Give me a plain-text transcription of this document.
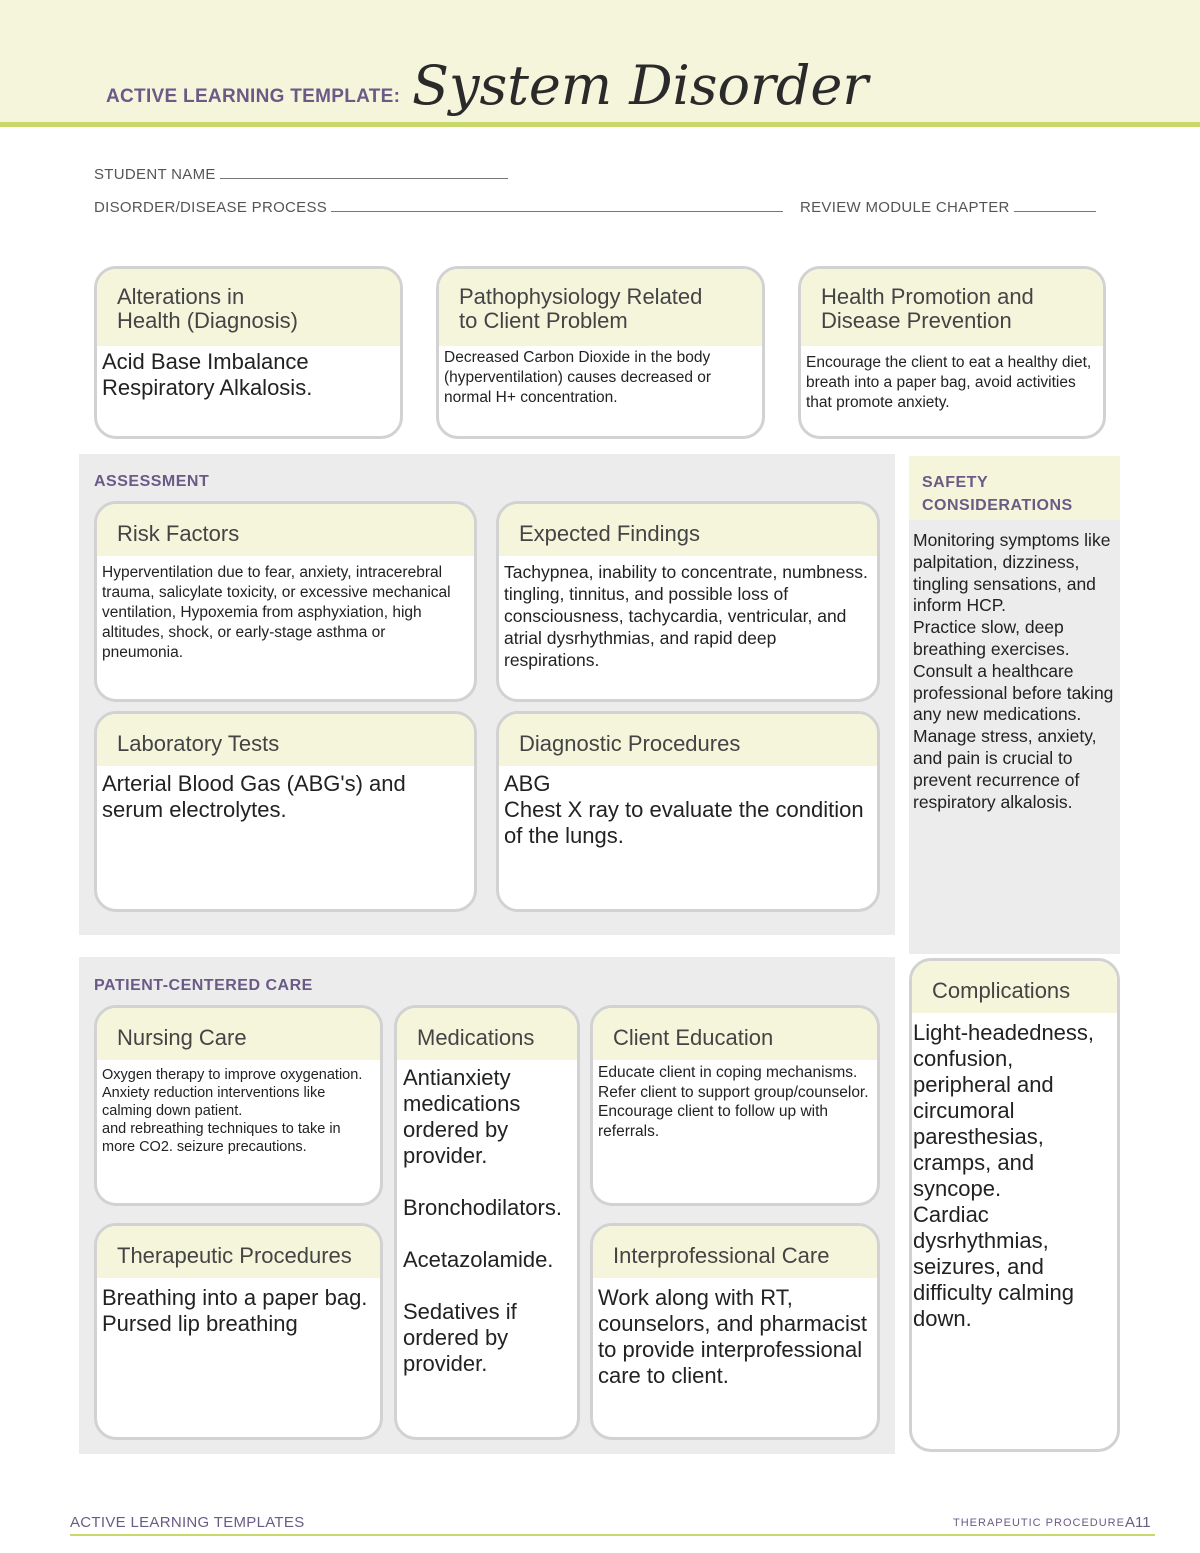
ACTIVE LEARNING TEMPLATE: System Disorder
STUDENT NAME
DISORDER/DISEASE PROCESS	REVIEW MODULE CHAPTER
Alterations in
Health (Diagnosis)
Acid Base Imbalance
Respiratory Alkalosis.
Pathophysiology Related
to Client Problem
Decreased Carbon Dioxide in the body (hyperventilation) causes decreased or normal H+ concentration.
Health Promotion and
Disease Prevention
Encourage the client to eat a healthy diet, breath into a paper bag, avoid activities that promote anxiety.
ASSESSMENT
Risk Factors
Hyperventilation due to fear, anxiety, intracerebral trauma, salicylate toxicity, or excessive mechanical ventilation, Hypoxemia from asphyxiation, high altitudes, shock, or early-stage asthma or pneumonia.
Expected Findings
Tachypnea, inability to concentrate, numbness. tingling, tinnitus, and possible loss of consciousness, tachycardia, ventricular, and atrial dysrhythmias, and rapid deep respirations.
Laboratory Tests
Arterial Blood Gas (ABG's) and serum electrolytes.
Diagnostic Procedures
ABG
Chest X ray to evaluate the condition of the lungs.
SAFETY
CONSIDERATIONS
Monitoring symptoms like palpitation, dizziness, tingling sensations, and inform HCP.
Practice slow, deep breathing exercises.
Consult a healthcare professional before taking any new medications.
Manage stress, anxiety, and pain is crucial to prevent recurrence of respiratory alkalosis.
PATIENT-CENTERED CARE
Nursing Care
Oxygen therapy to improve oxygenation.
Anxiety reduction interventions like calming down patient.
and rebreathing techniques to take in more CO2. seizure precautions.
Medications
Antianxiety medications ordered by provider.

Bronchodilators.

Acetazolamide.

Sedatives if ordered by provider.
Client Education
Educate client in coping mechanisms.
Refer client to support group/counselor.
Encourage client to follow up with referrals.
Therapeutic Procedures
Breathing into a paper bag.
Pursed lip breathing
Interprofessional Care
Work along with RT, counselors, and pharmacist to provide interprofessional care to client.
Complications
Light-headedness, confusion, peripheral and circumoral paresthesias, cramps, and syncope.
Cardiac dysrhythmias, seizures, and difficulty calming down.
ACTIVE LEARNING TEMPLATES	THERAPEUTIC PROCEDURE A11
